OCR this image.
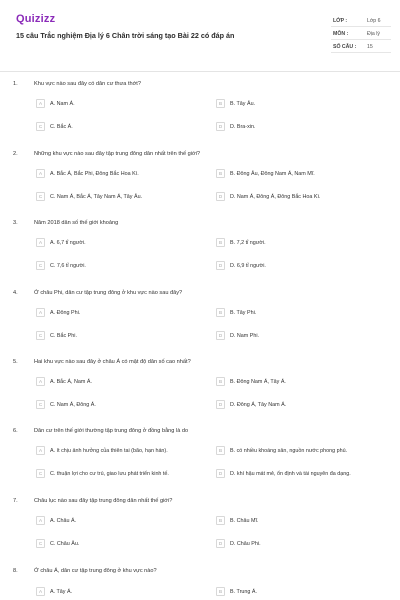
Quizizz
15 câu Trắc nghiệm Địa lý 6 Chân trời sáng tạo Bài 22 có đáp án
LỚP :	Lớp 6
MÔN :	Địa lý
SỐ CÂU : 15
1.	Khu vực nào sau đây có dân cư thưa thớt?
A	A. Nam Á.	B	B. Tây Âu.
C	C. Bắc Á.	D	D. Bra-xin.
2.	Những khu vực nào sau đây tập trung đông dân nhất trên thế giới?
A	A. Bắc Á, Bắc Phi, Đông Bắc Hoa Kì.	B	B. Đông Âu, Đông Nam Á, Nam Mĩ.
C	C. Nam Á, Bắc Á, Tây Nam Á, Tây Âu.	D	D. Nam Á, Đông Á, Đông Bắc Hoa Kì.
3.	Năm 2018 dân số thế giới khoảng
A	A. 6,7 tỉ người.	B	B. 7,2 tỉ người.
C	C. 7,6 tỉ người.	D	D. 6,9 tỉ người.
4.	Ở châu Phi, dân cư tập trung đông ở khu vực nào sau đây?
A	A. Đông Phi.	B	B. Tây Phi.
C	C. Bắc Phi.	D	D. Nam Phi.
5.	Hai khu vực nào sau đây ở châu Á có mật độ dân số cao nhất?
A	A. Bắc Á, Nam Á.	B	B. Đông Nam Á, Tây Á.
C	C. Nam Á, Đông Á.	D	D. Đông Á, Tây Nam Á.
6.	Dân cư trên thế giới thường tập trung đông ở đồng bằng là do
A	A. ít chịu ảnh hưởng của thiên tai (bão, hạn hán).	B	B. có nhiều khoáng sản, nguồn nước phong phú.
C	C. thuận lợi cho cư trú, giao lưu phát triển kinh tế.	D	D. khí hậu mát mẻ, ổn định và tài nguyên đa dạng.
7.	Châu lục nào sau đây tập trung đông dân nhất thế giới?
A	A. Châu Á.	B	B. Châu Mĩ.
C	C. Châu Âu.	D	D. Châu Phi.
8.	Ở châu Á, dân cư tập trung đông ở khu vực nào?
A	A. Tây Á.	B	B. Trung Á.
